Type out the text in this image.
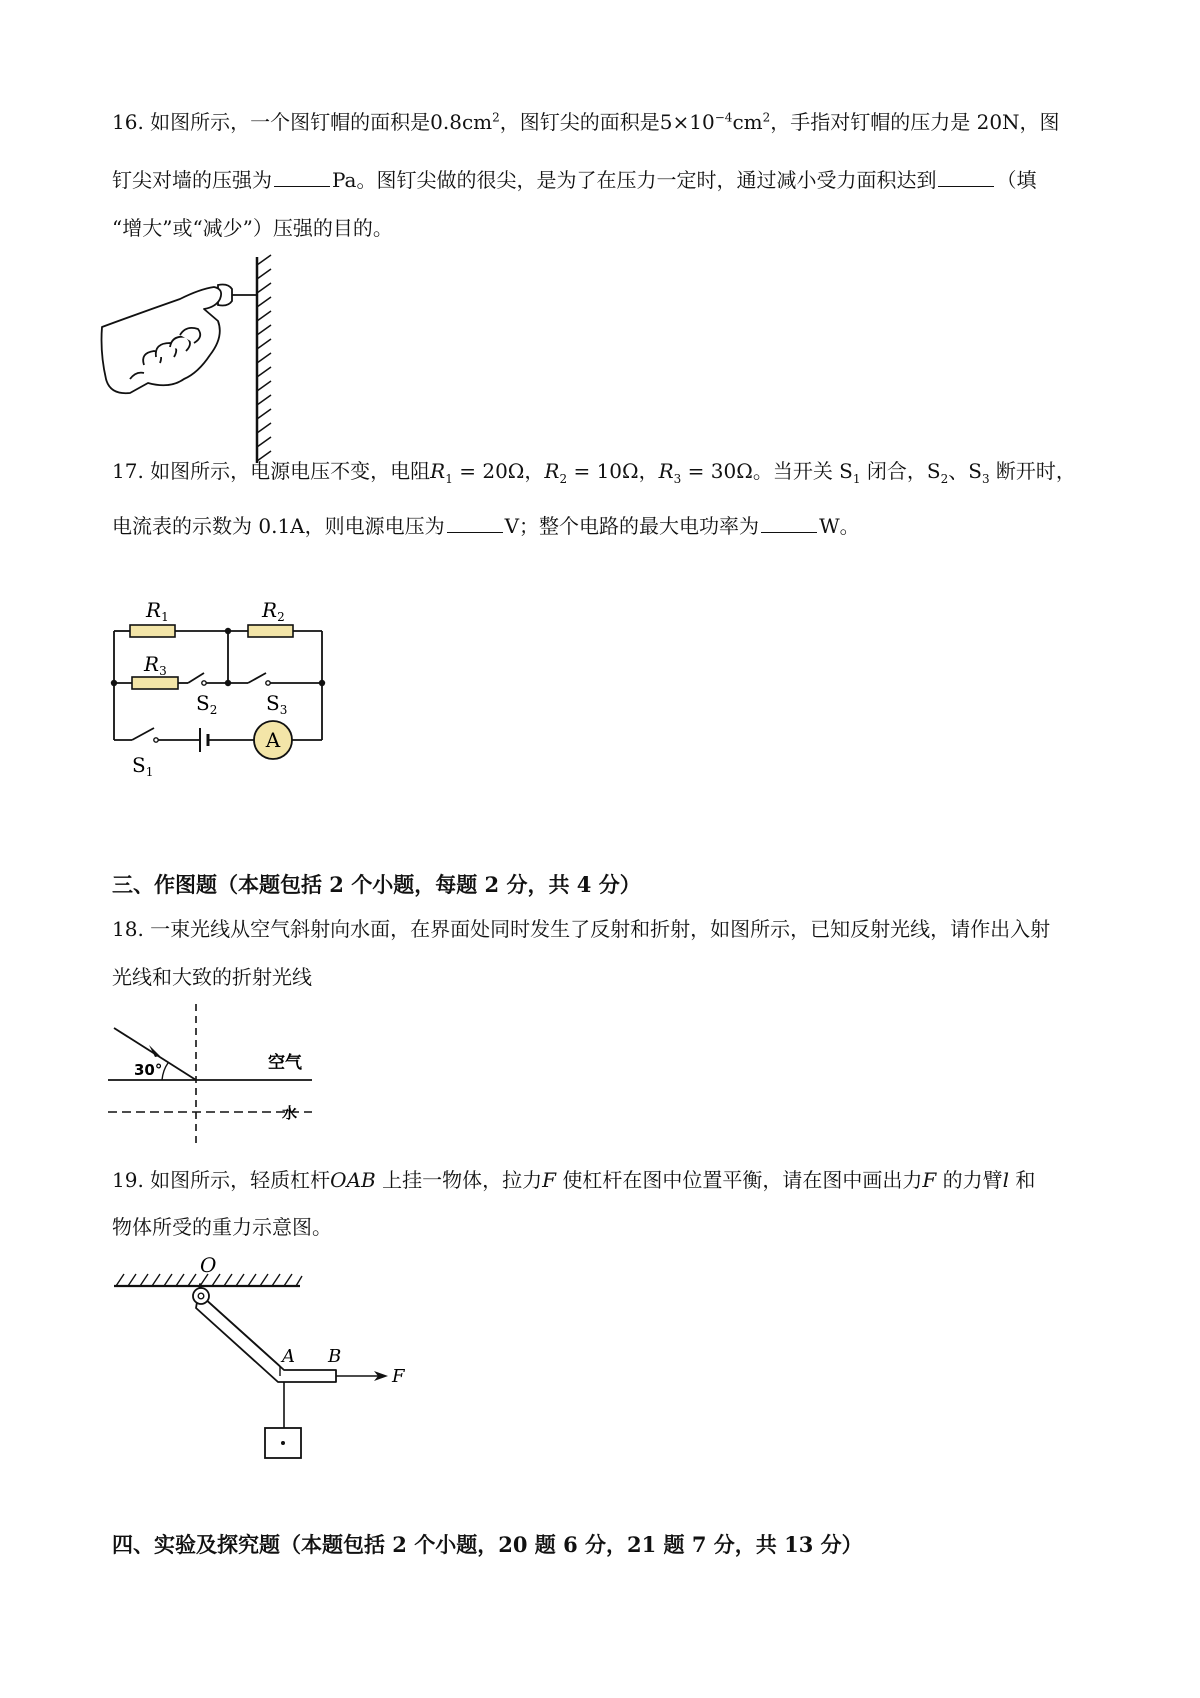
16. 如图所示，一个图钉帽的面积是$0.8cm^2$，图钉尖的面积是$5\times 10^{-4}cm^2$，手指对钉帽的压力是 20N，图
钉尖对墙的压强为	Pa。图钉尖做的很尖，是为了在压力一定时，通过减小受力面积达到	（填
“增大”或“减少”）压强的目的。
17. 如图所示，电源电压不变，电阻$R_1 = 20\Omega$，$R_2 = 10\Omega$，$R_3 = 30\Omega$。当开关 $S_1$ 闭合，$S_2$、$S_3$ 断开时，
电流表的示数为 0.1A，则电源电压为	V；整个电路的最大电功率为	W。
A
$R_1$	$R_2$
$R_3$
$S_2$ $S_3$
$S_1$
三、作图题（本题包括 2 个小题，每题 2 分，共 4 分）
18. 一束光线从空气斜射向水面，在界面处同时发生了反射和折射，如图所示，已知反射光线，请作出入射
光线和大致的折射光线
30°	空气
水
19. 如图所示，轻质杠杆OAB 上挂一物体，拉力F 使杠杆在图中位置平衡，请在图中画出力F 的力臂l 和
物体所受的重力示意图。
O
A B
F
四、实验及探究题（本题包括 2 个小题，20 题 6 分，21 题 7 分，共 13 分）
